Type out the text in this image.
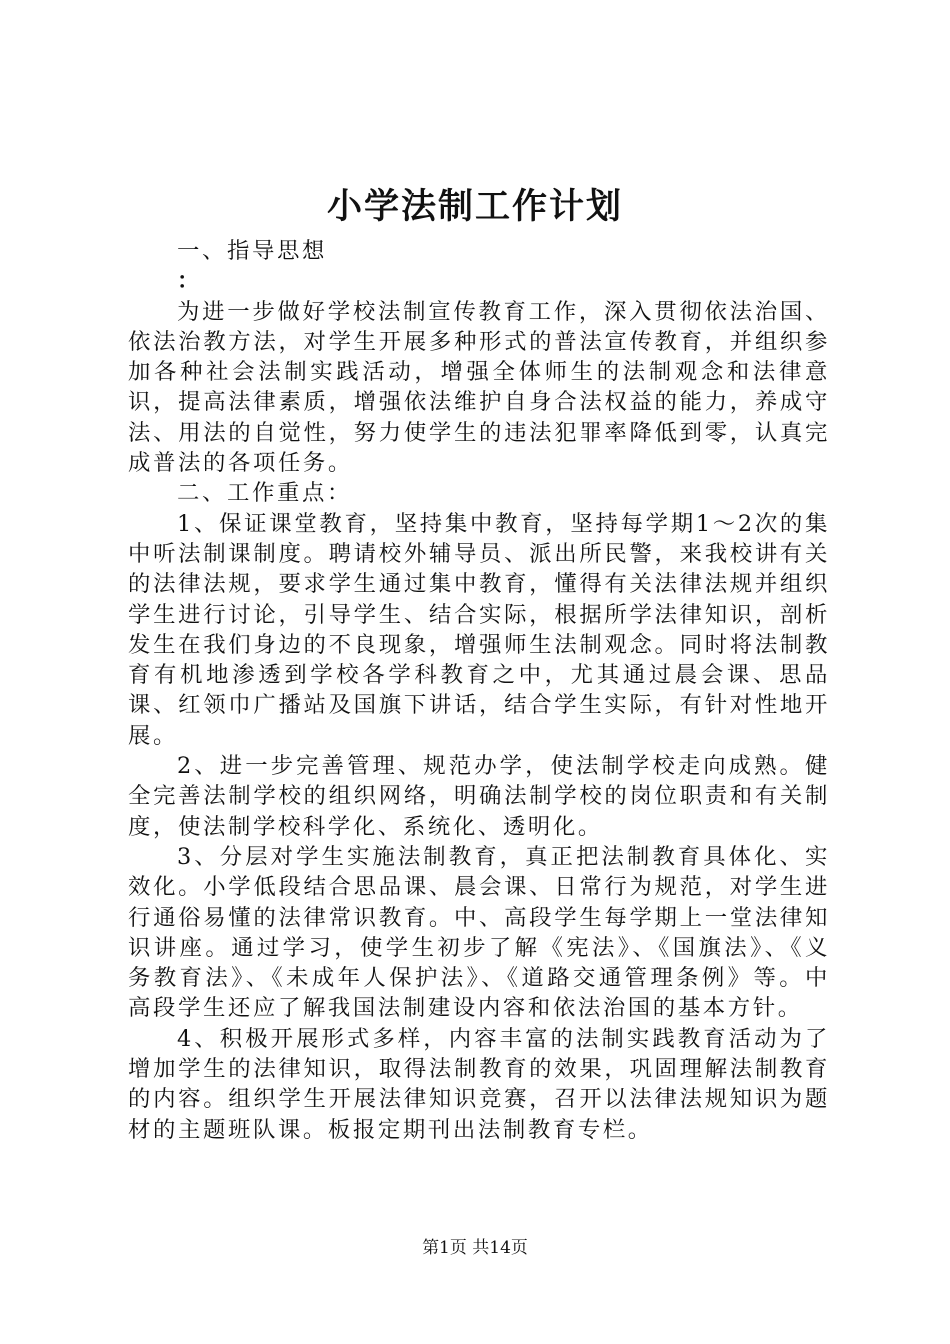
小学法制工作计划

一、指导思想

：

为进一步做好学校法制宣传教育工作，深入贯彻依法治国、依法治教方法，对学生开展多种形式的普法宣传教育，并组织参加各种社会法制实践活动，增强全体师生的法制观念和法律意识，提高法律素质，增强依法维护自身合法权益的能力，养成守法、用法的自觉性，努力使学生的违法犯罪率降低到零，认真完成普法的各项任务。

二、工作重点：

1、保证课堂教育，坚持集中教育，坚持每学期1～2次的集中听法制课制度。聘请校外辅导员、派出所民警，来我校讲有关的法律法规，要求学生通过集中教育，懂得有关法律法规并组织学生进行讨论，引导学生、结合实际，根据所学法律知识，剖析发生在我们身边的不良现象，增强师生法制观念。同时将法制教育有机地渗透到学校各学科教育之中，尤其通过晨会课、思品课、红领巾广播站及国旗下讲话，结合学生实际，有针对性地开展。

2、进一步完善管理、规范办学，使法制学校走向成熟。健全完善法制学校的组织网络，明确法制学校的岗位职责和有关制度，使法制学校科学化、系统化、透明化。

3、分层对学生实施法制教育，真正把法制教育具体化、实效化。小学低段结合思品课、晨会课、日常行为规范，对学生进行通俗易懂的法律常识教育。中、高段学生每学期上一堂法律知识讲座。通过学习，使学生初步了解《宪法》、《国旗法》、《义务教育法》、《未成年人保护法》、《道路交通管理条例》等。中高段学生还应了解我国法制建设内容和依法治国的基本方针。

4、积极开展形式多样，内容丰富的法制实践教育活动为了增加学生的法律知识，取得法制教育的效果，巩固理解法制教育的内容。组织学生开展法律知识竞赛，召开以法律法规知识为题材的主题班队课。板报定期刊出法制教育专栏。

第1页 共14页
